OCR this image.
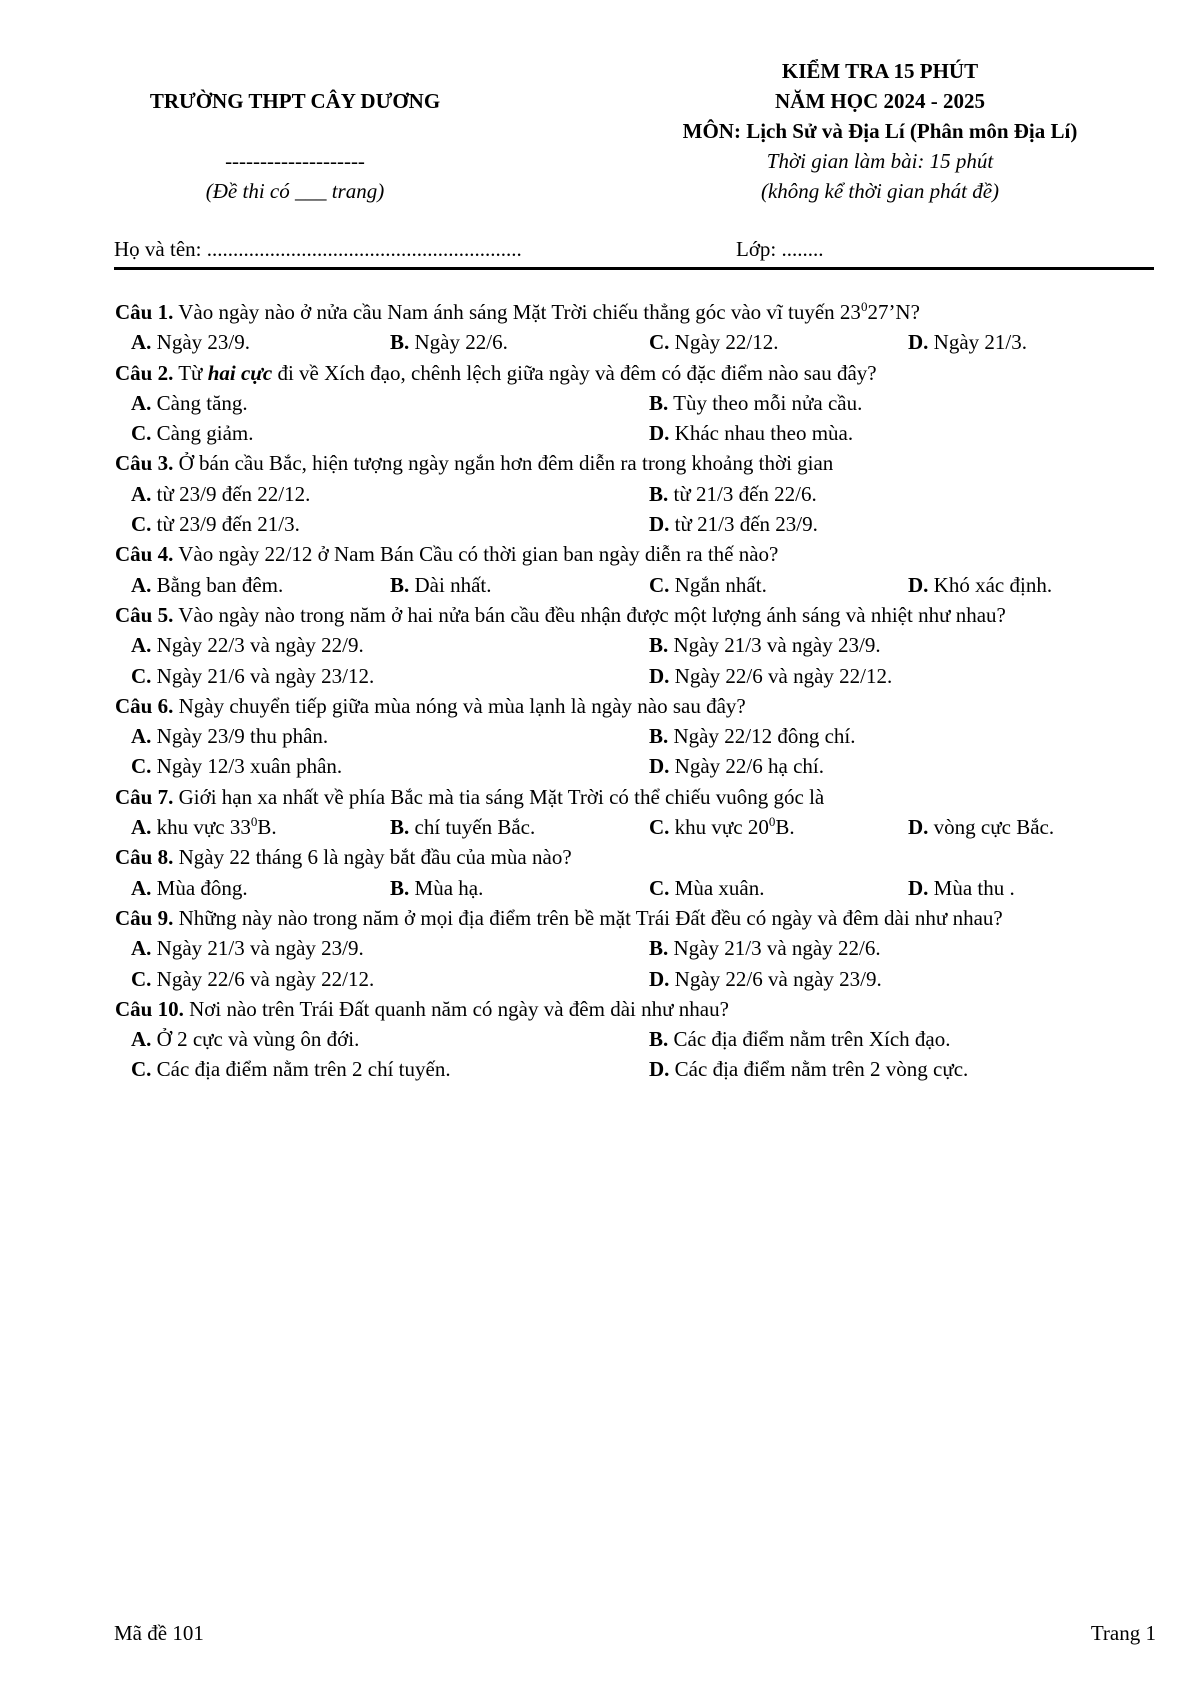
TRƯỜNG THPT CÂY DƯƠNG
--------------------
(Đề thi có ___ trang)
KIỂM TRA 15 PHÚT
NĂM HỌC 2024 - 2025
MÔN: Lịch Sử và Địa Lí (Phân môn Địa Lí)
Thời gian làm bài: 15 phút
(không kể thời gian phát đề)
Họ và tên: ............................................................	Lớp: ........
Câu 1. Vào ngày nào ở nửa cầu Nam ánh sáng Mặt Trời chiếu thẳng góc vào vĩ tuyến $23^027’N$?
A. Ngày 23/9.	B. Ngày 22/6.	C. Ngày 22/12.	D. Ngày 21/3.
Câu 2. Từ hai cực đi về Xích đạo, chênh lệch giữa ngày và đêm có đặc điểm nào sau đây?
A. Càng tăng.	B. Tùy theo mỗi nửa cầu.
C. Càng giảm.	D. Khác nhau theo mùa.
Câu 3. Ở bán cầu Bắc, hiện tượng ngày ngắn hơn đêm diễn ra trong khoảng thời gian
A. từ 23/9 đến 22/12.	B. từ 21/3 đến 22/6.
C. từ 23/9 đến 21/3.	D. từ 21/3 đến 23/9.
Câu 4. Vào ngày 22/12 ở Nam Bán Cầu có thời gian ban ngày diễn ra thế nào?
A. Bằng ban đêm.	B. Dài nhất.	C. Ngắn nhất.	D. Khó xác định.
Câu 5. Vào ngày nào trong năm ở hai nửa bán cầu đều nhận được một lượng ánh sáng và nhiệt như nhau?
A. Ngày 22/3 và ngày 22/9.	B. Ngày 21/3 và ngày 23/9.
C. Ngày 21/6 và ngày 23/12.	D. Ngày 22/6 và ngày 22/12.
Câu 6. Ngày chuyển tiếp giữa mùa nóng và mùa lạnh là ngày nào sau đây?
A. Ngày 23/9 thu phân.	B. Ngày 22/12 đông chí.
C. Ngày 12/3 xuân phân.	D. Ngày 22/6 hạ chí.
Câu 7. Giới hạn xa nhất về phía Bắc mà tia sáng Mặt Trời có thể chiếu vuông góc là
A. khu vực $33^0B$.	B. chí tuyến Bắc.	C. khu vực $20^0B$.	D. vòng cực Bắc.
Câu 8. Ngày 22 tháng 6 là ngày bắt đầu của mùa nào?
A. Mùa đông.	B. Mùa hạ.	C. Mùa xuân.	D. Mùa thu .
Câu 9. Những này nào trong năm ở mọi địa điểm trên bề mặt Trái Đất đều có ngày và đêm dài như nhau?
A. Ngày 21/3 và ngày 23/9.	B. Ngày 21/3 và ngày 22/6.
C. Ngày 22/6 và ngày 22/12.	D. Ngày 22/6 và ngày 23/9.
Câu 10. Nơi nào trên Trái Đất quanh năm có ngày và đêm dài như nhau?
A. Ở 2 cực và vùng ôn đới.	B. Các địa điểm nằm trên Xích đạo.
C. Các địa điểm nằm trên 2 chí tuyến.	D. Các địa điểm nằm trên 2 vòng cực.
Mã đề 101	Trang 1
